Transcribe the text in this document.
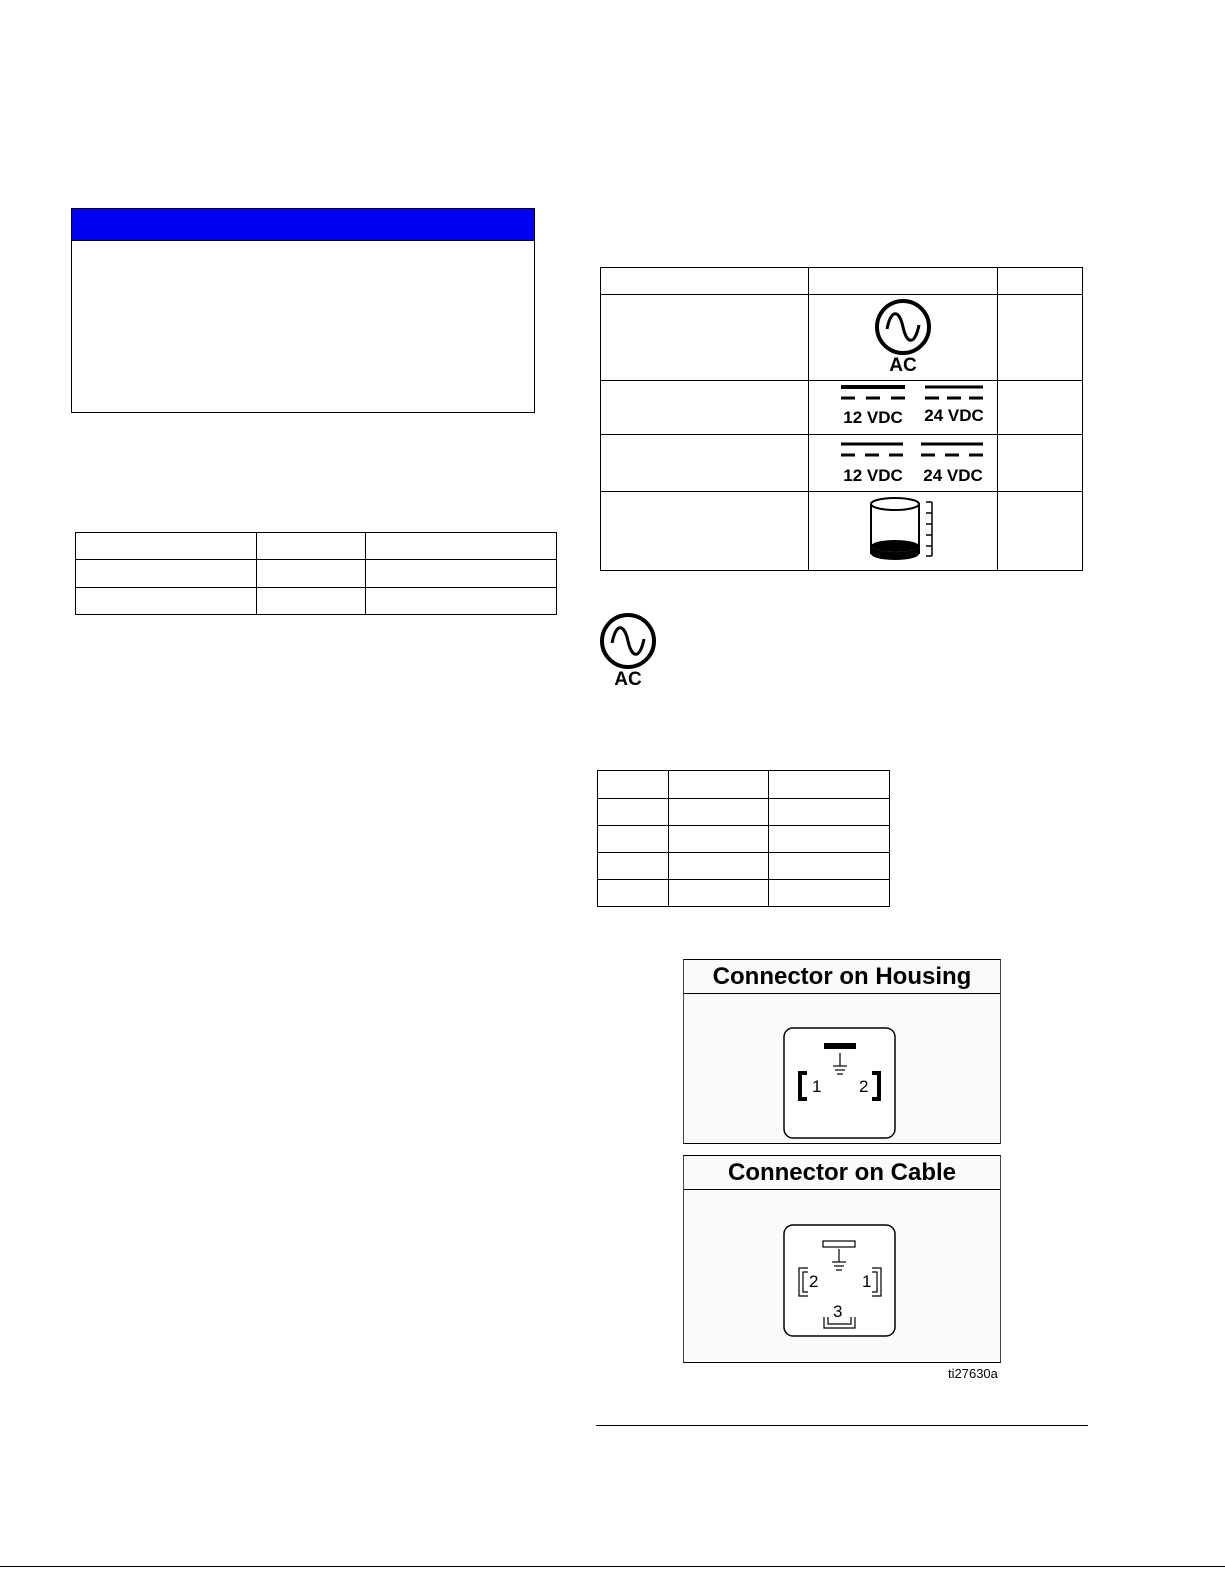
AC	

12 VDC 24 VDC	

12 VDC 24 VDC	

AC

Connector on Housing
1 2
Connector on Cable
2	1
3
ti27630a
